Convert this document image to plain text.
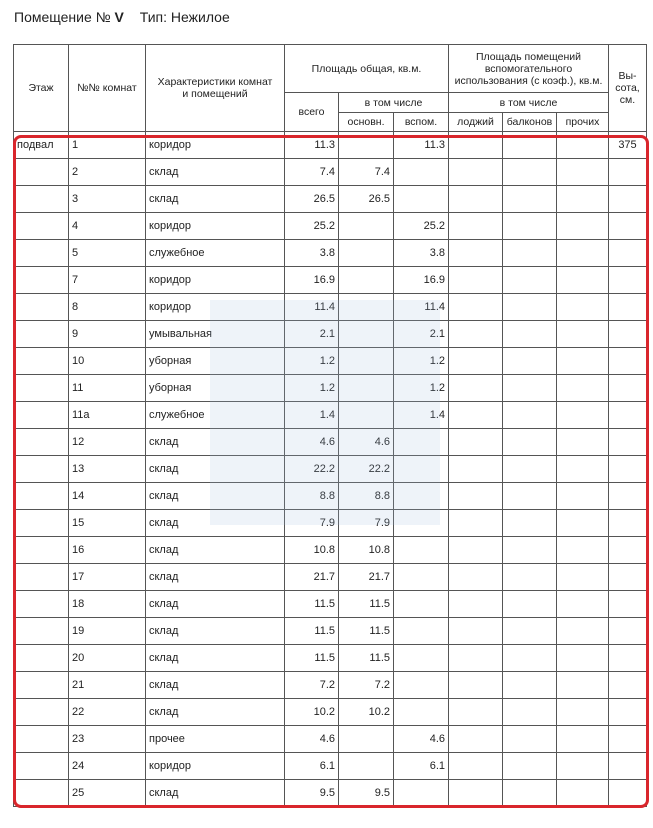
Помещение № V Тип: Нежилое
Этаж	№№ комнат	Характеристики комнат и помещений	Площадь общая, кв.м.			Площадь помещений вспомогательного использования (с коэф.), кв.м.			Вы-сота, см.
			всего	в том числе		в том числе			
				основн.	вспом.	лоджий	балконов	прочих	
подвал	1	коридор	11.3		11.3				375
	2	склад	7.4	7.4					
	3	склад	26.5	26.5					
	4	коридор	25.2		25.2				
	5	служебное	3.8		3.8				
	7	коридор	16.9		16.9				
	8	коридор	11.4		11.4				
	9	умывальная	2.1		2.1				
	10	уборная	1.2		1.2				
	11	уборная	1.2		1.2				
	11а	служебное	1.4		1.4				
	12	склад	4.6	4.6					
	13	склад	22.2	22.2					
	14	склад	8.8	8.8					
	15	склад	7.9	7.9					
	16	склад	10.8	10.8					
	17	склад	21.7	21.7					
	18	склад	11.5	11.5					
	19	склад	11.5	11.5					
	20	склад	11.5	11.5					
	21	склад	7.2	7.2					
	22	склад	10.2	10.2					
	23	прочее	4.6		4.6				
	24	коридор	6.1		6.1				
	25	склад	9.5	9.5					
